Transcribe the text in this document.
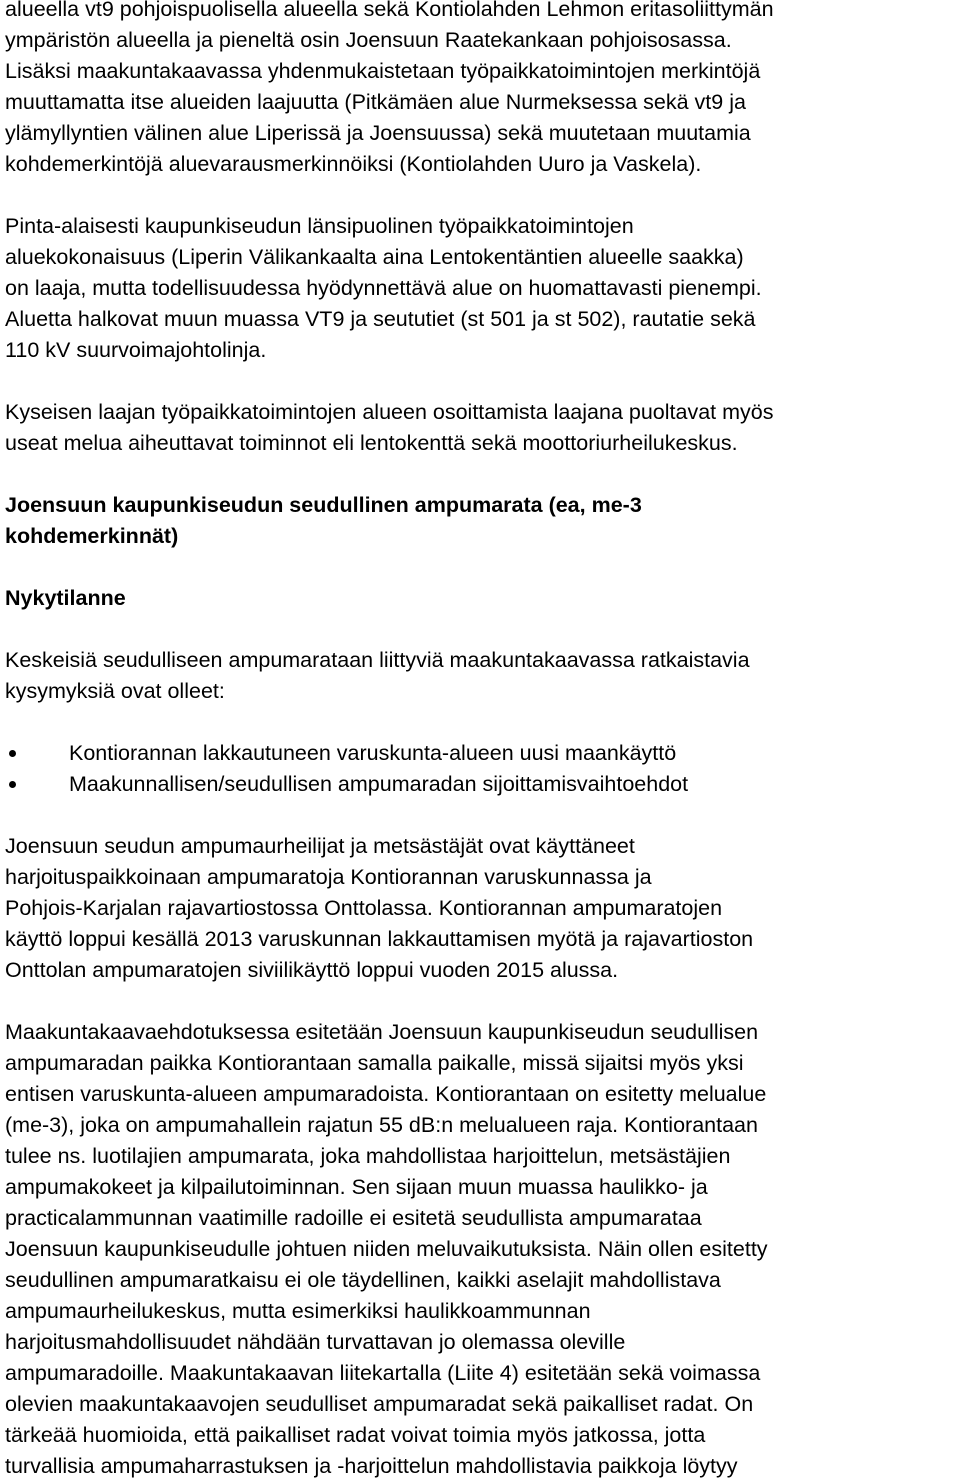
alueella vt9 pohjoispuolisella alueella sekä Kontiolahden Lehmon eritasoliittymän
ympäristön alueella ja pieneltä osin Joensuun Raatekankaan pohjoisosassa.
Lisäksi maakuntakaavassa yhdenmukaistetaan työpaikkatoimintojen merkintöjä
muuttamatta itse alueiden laajuutta (Pitkämäen alue Nurmeksessa sekä vt9 ja
ylämyllyntien välinen alue Liperissä ja Joensuussa) sekä muutetaan muutamia
kohdemerkintöjä aluevarausmerkinnöiksi (Kontiolahden Uuro ja Vaskela).
Pinta-alaisesti kaupunkiseudun länsipuolinen työpaikkatoimintojen
aluekokonaisuus (Liperin Välikankaalta aina Lentokentäntien alueelle saakka)
on laaja, mutta todellisuudessa hyödynnettävä alue on huomattavasti pienempi.
Aluetta halkovat muun muassa VT9 ja seututiet (st 501 ja st 502), rautatie sekä
110 kV suurvoimajohtolinja.
Kyseisen laajan työpaikkatoimintojen alueen osoittamista laajana puoltavat myös
useat melua aiheuttavat toiminnot eli lentokenttä sekä moottoriurheilukeskus.
Joensuun kaupunkiseudun seudullinen ampumarata (ea, me-3
kohdemerkinnät)
Nykytilanne
Keskeisiä seudulliseen ampumarataan liittyviä maakuntakaavassa ratkaistavia
kysymyksiä ovat olleet:
Kontiorannan lakkautuneen varuskunta-alueen uusi maankäyttö
Maakunnallisen/seudullisen ampumaradan sijoittamisvaihtoehdot
Joensuun seudun ampumaurheilijat ja metsästäjät ovat käyttäneet
harjoituspaikkoinaan ampumaratoja Kontiorannan varuskunnassa ja
Pohjois-Karjalan rajavartiostossa Onttolassa. Kontiorannan ampumaratojen
käyttö loppui kesällä 2013 varuskunnan lakkauttamisen myötä ja rajavartioston
Onttolan ampumaratojen siviilikäyttö loppui vuoden 2015 alussa.
Maakuntakaavaehdotuksessa esitetään Joensuun kaupunkiseudun seudullisen
ampumaradan paikka Kontiorantaan samalla paikalle, missä sijaitsi myös yksi
entisen varuskunta-alueen ampumaradoista. Kontiorantaan on esitetty melualue
(me-3), joka on ampumahallein rajatun 55 dB:n melualueen raja. Kontiorantaan
tulee ns. luotilajien ampumarata, joka mahdollistaa harjoittelun, metsästäjien
ampumakokeet ja kilpailutoiminnan. Sen sijaan muun muassa haulikko- ja
practicalammunnan vaatimille radoille ei esitetä seudullista ampumarataa
Joensuun kaupunkiseudulle johtuen niiden meluvaikutuksista. Näin ollen esitetty
seudullinen ampumaratkaisu ei ole täydellinen, kaikki aselajit mahdollistava
ampumaurheilukeskus, mutta esimerkiksi haulikkoammunnan
harjoitusmahdollisuudet nähdään turvattavan jo olemassa oleville
ampumaradoille. Maakuntakaavan liitekartalla (Liite 4) esitetään sekä voimassa
olevien maakuntakaavojen seudulliset ampumaradat sekä paikalliset radat. On
tärkeää huomioida, että paikalliset radat voivat toimia myös jatkossa, jotta
turvallisia ampumaharrastuksen ja -harjoittelun mahdollistavia paikkoja löytyy
